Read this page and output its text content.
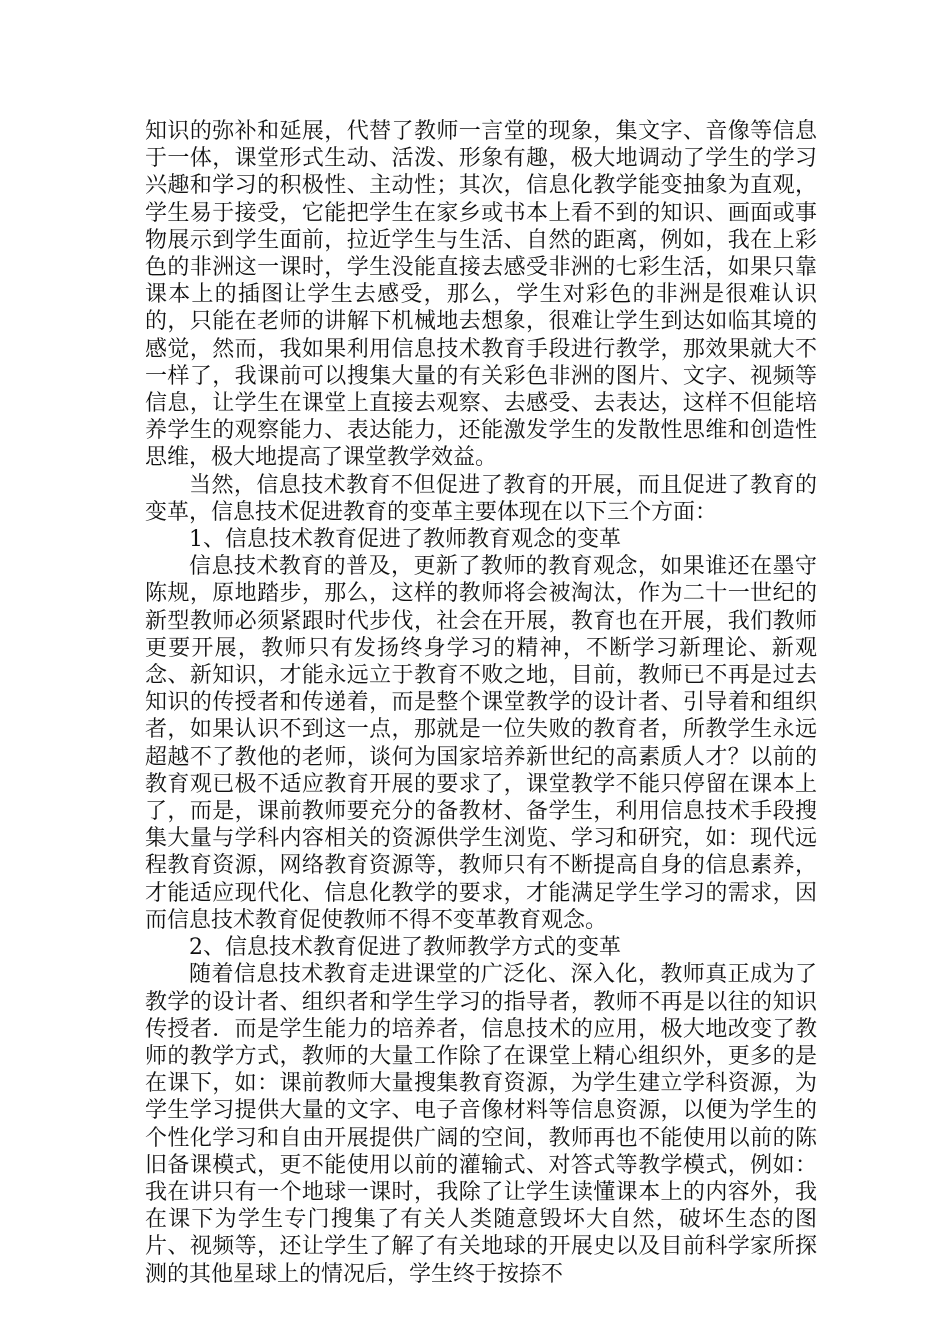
知识的弥补和延展，代替了教师一言堂的现象，集文字、音像等信息于一体，课堂形式生动、活泼、形象有趣，极大地调动了学生的学习兴趣和学习的积极性、主动性；其次，信息化教学能变抽象为直观，学生易于接受，它能把学生在家乡或书本上看不到的知识、画面或事物展示到学生面前，拉近学生与生活、自然的距离，例如，我在上彩色的非洲这一课时，学生没能直接去感受非洲的七彩生活，如果只靠课本上的插图让学生去感受，那么，学生对彩色的非洲是很难认识的，只能在老师的讲解下机械地去想象，很难让学生到达如临其境的感觉，然而，我如果利用信息技术教育手段进行教学，那效果就大不一样了，我课前可以搜集大量的有关彩色非洲的图片、文字、视频等信息，让学生在课堂上直接去观察、去感受、去表达，这样不但能培养学生的观察能力、表达能力，还能激发学生的发散性思维和创造性思维，极大地提高了课堂教学效益。

当然，信息技术教育不但促进了教育的开展，而且促进了教育的变革，信息技术促进教育的变革主要体现在以下三个方面：

1、信息技术教育促进了教师教育观念的变革

信息技术教育的普及，更新了教师的教育观念，如果谁还在墨守陈规，原地踏步，那么，这样的教师将会被淘汰，作为二十一世纪的新型教师必须紧跟时代步伐，社会在开展，教育也在开展，我们教师更要开展，教师只有发扬终身学习的精神，不断学习新理论、新观念、新知识，才能永远立于教育不败之地，目前，教师已不再是过去知识的传授者和传递着，而是整个课堂教学的设计者、引导着和组织者，如果认识不到这一点，那就是一位失败的教育者，所教学生永远超越不了教他的老师，谈何为国家培养新世纪的高素质人才？以前的教育观已极不适应教育开展的要求了，课堂教学不能只停留在课本上了，而是，课前教师要充分的备教材、备学生，利用信息技术手段搜集大量与学科内容相关的资源供学生浏览、学习和研究，如：现代远程教育资源，网络教育资源等，教师只有不断提高自身的信息素养，才能适应现代化、信息化教学的要求，才能满足学生学习的需求，因而信息技术教育促使教师不得不变革教育观念。

2、信息技术教育促进了教师教学方式的变革

随着信息技术教育走进课堂的广泛化、深入化，教师真正成为了教学的设计者、组织者和学生学习的指导者，教师不再是以往的知识传授者．而是学生能力的培养者，信息技术的应用，极大地改变了教师的教学方式，教师的大量工作除了在课堂上精心组织外，更多的是在课下，如：课前教师大量搜集教育资源，为学生建立学科资源，为学生学习提供大量的文字、电子音像材料等信息资源，以便为学生的个性化学习和自由开展提供广阔的空间，教师再也不能使用以前的陈旧备课模式，更不能使用以前的灌输式、对答式等教学模式，例如：我在讲只有一个地球一课时，我除了让学生读懂课本上的内容外，我在课下为学生专门搜集了有关人类随意毁坏大自然，破坏生态的图片、视频等，还让学生了解了有关地球的开展史以及目前科学家所探测的其他星球上的情况后，学生终于按捺不
